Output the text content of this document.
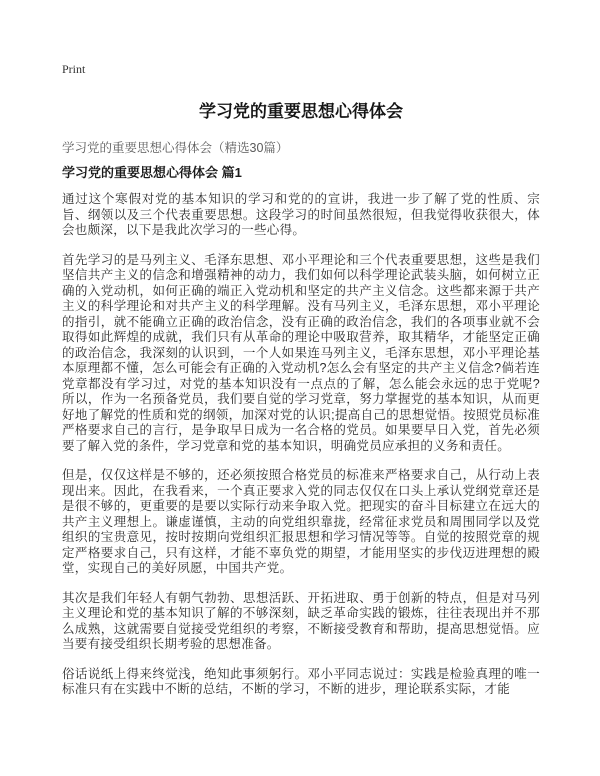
Print
学习党的重要思想心得体会
学习党的重要思想心得体会（精选30篇）
学习党的重要思想心得体会 篇1

通过这个寒假对党的基本知识的学习和党的的宣讲，我进一步了解了党的性质、宗旨、纲领以及三个代表重要思想。这段学习的时间虽然很短，但我觉得收获很大，体会也颇深，以下是我此次学习的一些心得。

首先学习的是马列主义、毛泽东思想、邓小平理论和三个代表重要思想，这些是我们坚信共产主义的信念和增强精神的动力，我们如何以科学理论武装头脑，如何树立正确的入党动机，如何正确的端正入党动机和坚定的共产主义信念。这些都来源于共产主义的科学理论和对共产主义的科学理解。没有马列主义，毛泽东思想，邓小平理论的指引，就不能确立正确的政治信念，没有正确的政治信念，我们的各项事业就不会取得如此辉煌的成就，我们只有从革命的理论中吸取营养，取其精华，才能坚定正确的政治信念，我深刻的认识到，一个人如果连马列主义，毛泽东思想，邓小平理论基本原理都不懂，怎么可能会有正确的入党动机?怎么会有坚定的共产主义信念?倘若连党章都没有学习过，对党的基本知识没有一点点的了解，怎么能会永远的忠于党呢?所以，作为一名预备党员，我们要自觉的学习党章，努力掌握党的基本知识，从而更好地了解党的性质和党的纲领，加深对党的认识;提高自己的思想觉悟。按照党员标准严格要求自己的言行，是争取早日成为一名合格的党员。如果要早日入党，首先必须要了解入党的条件，学习党章和党的基本知识，明确党员应承担的义务和责任。

但是，仅仅这样是不够的，还必须按照合格党员的标准来严格要求自己，从行动上表现出来。因此，在我看来，一个真正要求入党的同志仅仅在口头上承认党纲党章还是是很不够的，更重要的是要以实际行动来争取入党。把现实的奋斗目标建立在远大的共产主义理想上。谦虚谨慎，主动的向党组织靠拢，经常征求党员和周围同学以及党组织的宝贵意见，按时按期向党组织汇报思想和学习情况等等。自觉的按照党章的规定严格要求自己，只有这样，才能不辜负党的期望，才能用坚实的步伐迈进理想的殿堂，实现自己的美好夙愿，中国共产党。

其次是我们年轻人有朝气勃勃、思想活跃、开拓进取、勇于创新的特点，但是对马列主义理论和党的基本知识了解的不够深刻，缺乏革命实践的锻炼，往往表现出并不那么成熟，这就需要自觉接受党组织的考察，不断接受教育和帮助，提高思想觉悟。应当要有接受组织长期考验的思想准备。

俗话说纸上得来终觉浅，绝知此事须躬行。邓小平同志说过：实践是检验真理的唯一标准只有在实践中不断的总结，不断的学习，不断的进步，理论联系实际，才能
